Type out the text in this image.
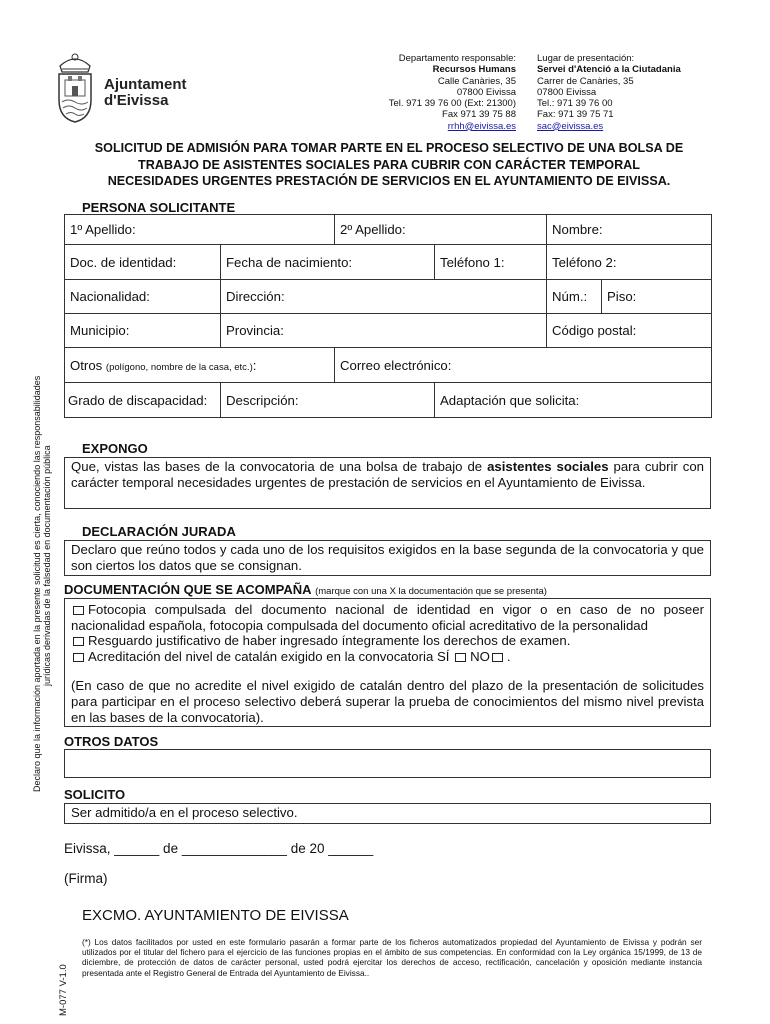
Ajuntament
d'Eivissa
Departamento responsable:
Recursos Humans
Calle Canàries, 35
07800 Eivissa
Tel. 971 39 76 00 (Ext: 21300)
Fax 971 39 75 88
rrhh@eivissa.es
Lugar de presentación:
Servei d'Atenció a la Ciutadania
Carrer de Canàries, 35
07800 Eivissa
Tel.: 971 39 76 00
Fax: 971 39 75 71
sac@eivissa.es
SOLICITUD DE ADMISIÓN PARA TOMAR PARTE EN EL PROCESO SELECTIVO DE UNA BOLSA DE
TRABAJO DE ASISTENTES SOCIALES PARA CUBRIR CON CARÁCTER TEMPORAL
NECESIDADES URGENTES PRESTACIÓN DE SERVICIOS EN EL AYUNTAMIENTO DE EIVISSA.
PERSONA SOLICITANTE
1º Apellido:		2º Apellido:		Nombre:	
Doc. de identidad:	Fecha de nacimiento:		Teléfono 1:	Teléfono 2:	
Nacionalidad:	Dirección:			Núm.:	Piso:
Municipio:	Provincia:			Código postal:	
Otros (polígono, nombre de la casa, etc.):		Correo electrónico:			
Grado de discapacidad:	Descripción:		Adaptación que solicita:		
EXPONGO
Que, vistas las bases de la convocatoria de una bolsa de trabajo de asistentes sociales para cubrir con carácter temporal necesidades urgentes de prestación de servicios en el Ayuntamiento de Eivissa.
DECLARACIÓN JURADA
Declaro que reúno todos y cada uno de los requisitos exigidos en la base segunda de la convocatoria y que son ciertos los datos que se consignan.
DOCUMENTACIÓN QUE SE ACOMPAÑA (marque con una X la documentación que se presenta)
Fotocopia compulsada del documento nacional de identidad en vigor o en caso de no poseer nacionalidad española, fotocopia compulsada del documento oficial acreditativo de la personalidad
Resguardo justificativo de haber ingresado íntegramente los derechos de examen.
Acreditación del nivel de catalán exigido en la convocatoria SÍ NO .
(En caso de que no acredite el nivel exigido de catalán dentro del plazo de la presentación de solicitudes para participar en el proceso selectivo deberá superar la prueba de conocimientos del mismo nivel prevista en las bases de la convocatoria).
OTROS DATOS
SOLICITO
Ser admitido/a en el proceso selectivo.
Eivissa, ______ de ______________ de 20 ______
(Firma)
EXCMO. AYUNTAMIENTO DE EIVISSA
(*) Los datos facilitados por usted en este formulario pasarán a formar parte de los ficheros automatizados propiedad del Ayuntamiento de Eivissa y podrán ser utilizados por el titular del fichero para el ejercicio de las funciones propias en el ámbito de sus competencias. En conformidad con la Ley orgánica 15/1999, de 13 de diciembre, de protección de datos de carácter personal, usted podrá ejercitar los derechos de acceso, rectificación, cancelación y oposición mediante instancia presentada ante el Registro General de Entrada del Ayuntamiento de Eivissa..
Declaro que la información aportada en la presente solicitud es cierta, conociendo las responsabilidades jurídicas derivadas de la falsedad en documentación pública
M-077 V-1.0
